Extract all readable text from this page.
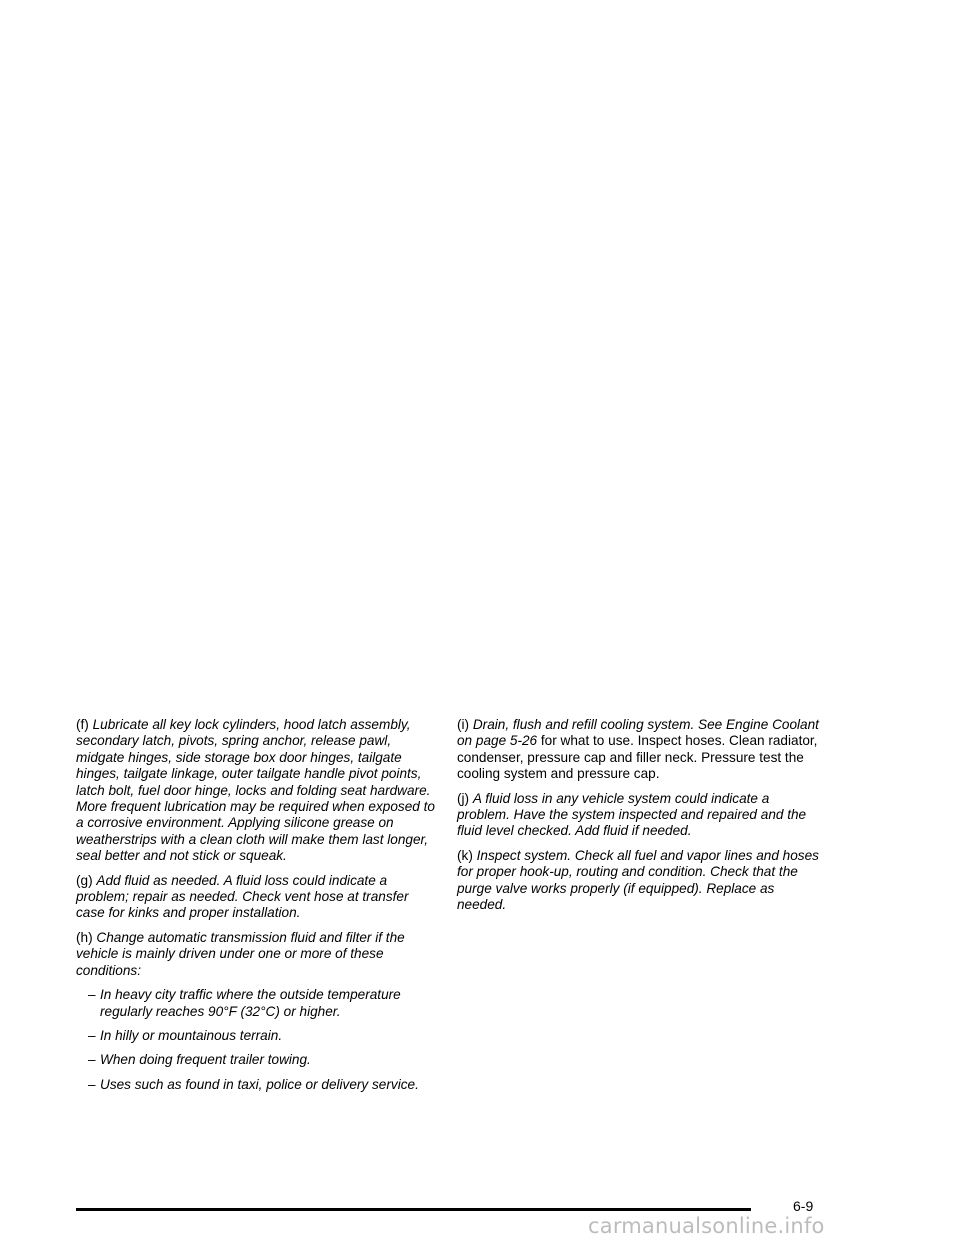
(f) Lubricate all key lock cylinders, hood latch assembly, secondary latch, pivots, spring anchor, release pawl, midgate hinges, side storage box door hinges, tailgate hinges, tailgate linkage, outer tailgate handle pivot points, latch bolt, fuel door hinge, locks and folding seat hardware. More frequent lubrication may be required when exposed to a corrosive environment. Applying silicone grease on weatherstrips with a clean cloth will make them last longer, seal better and not stick or squeak.

(g) Add fluid as needed. A fluid loss could indicate a problem; repair as needed. Check vent hose at transfer case for kinks and proper installation.

(h) Change automatic transmission fluid and filter if the vehicle is mainly driven under one or more of these conditions:

– In heavy city traffic where the outside temperature regularly reaches 90°F (32°C) or higher.
– In hilly or mountainous terrain.
– When doing frequent trailer towing.
– Uses such as found in taxi, police or delivery service.

(i) Drain, flush and refill cooling system. See Engine Coolant on page 5-26 for what to use. Inspect hoses. Clean radiator, condenser, pressure cap and filler neck. Pressure test the cooling system and pressure cap.

(j) A fluid loss in any vehicle system could indicate a problem. Have the system inspected and repaired and the fluid level checked. Add fluid if needed.

(k) Inspect system. Check all fuel and vapor lines and hoses for proper hook-up, routing and condition. Check that the purge valve works properly (if equipped). Replace as needed.

6-9
carmanualsonline.info
